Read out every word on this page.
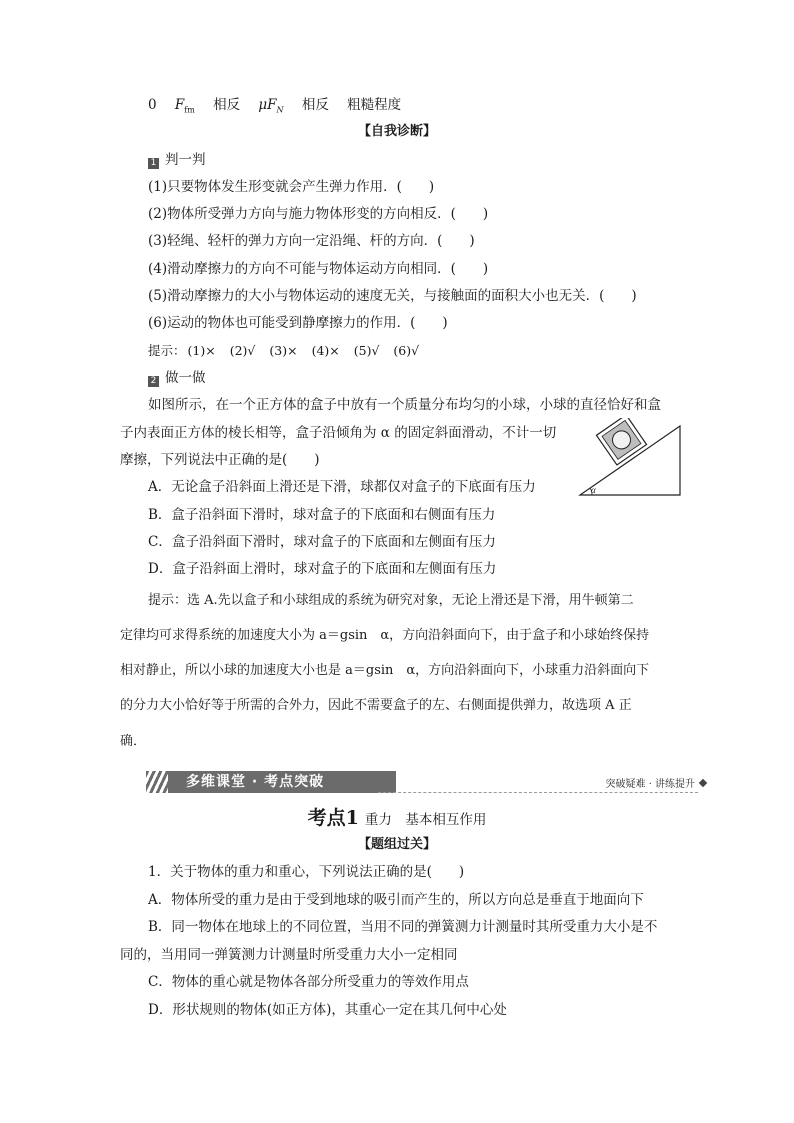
0 $F_{fm}$ 相反 $\mu F_N$ 相反 粗糙程度
【自我诊断】
1 判一判
(1)只要物体发生形变就会产生弹力作用．(　　)
(2)物体所受弹力方向与施力物体形变的方向相反．(　　)
(3)轻绳、轻杆的弹力方向一定沿绳、杆的方向．(　　)
(4)滑动摩擦力的方向不可能与物体运动方向相同．(　　)
(5)滑动摩擦力的大小与物体运动的速度无关，与接触面的面积大小也无关．(　　)
(6)运动的物体也可能受到静摩擦力的作用．(　　)
提示： (1)× (2)√ (3)× (4)× (5)√ (6)√
2 做一做
如图所示，在一个正方体的盒子中放有一个质量分布均匀的小球，小球的直径恰好和盒
子内表面正方体的棱长相等，盒子沿倾角为 α 的固定斜面滑动，不计一切
摩擦，下列说法中正确的是(　　)
A．无论盒子沿斜面上滑还是下滑，球都仅对盒子的下底面有压力
B．盒子沿斜面下滑时，球对盒子的下底面和右侧面有压力
C．盒子沿斜面下滑时，球对盒子的下底面和左侧面有压力
D．盒子沿斜面上滑时，球对盒子的下底面和左侧面有压力
α
提示：选 A.先以盒子和小球组成的系统为研究对象，无论上滑还是下滑，用牛顿第二
定律均可求得系统的加速度大小为 a＝gsin　α，方向沿斜面向下，由于盒子和小球始终保持
相对静止，所以小球的加速度大小也是 a＝gsin　α，方向沿斜面向下，小球重力沿斜面向下
的分力大小恰好等于所需的合外力，因此不需要盒子的左、右侧面提供弹力，故选项 A 正
确．
多维课堂 · 考点突破	突破疑难 · 讲练提升
考点1 重力　基本相互作用
【题组过关】
1．关于物体的重力和重心，下列说法正确的是(　　)
A．物体所受的重力是由于受到地球的吸引而产生的，所以方向总是垂直于地面向下
B．同一物体在地球上的不同位置，当用不同的弹簧测力计测量时其所受重力大小是不
同的，当用同一弹簧测力计测量时所受重力大小一定相同
C．物体的重心就是物体各部分所受重力的等效作用点
D．形状规则的物体(如正方体)，其重心一定在其几何中心处
